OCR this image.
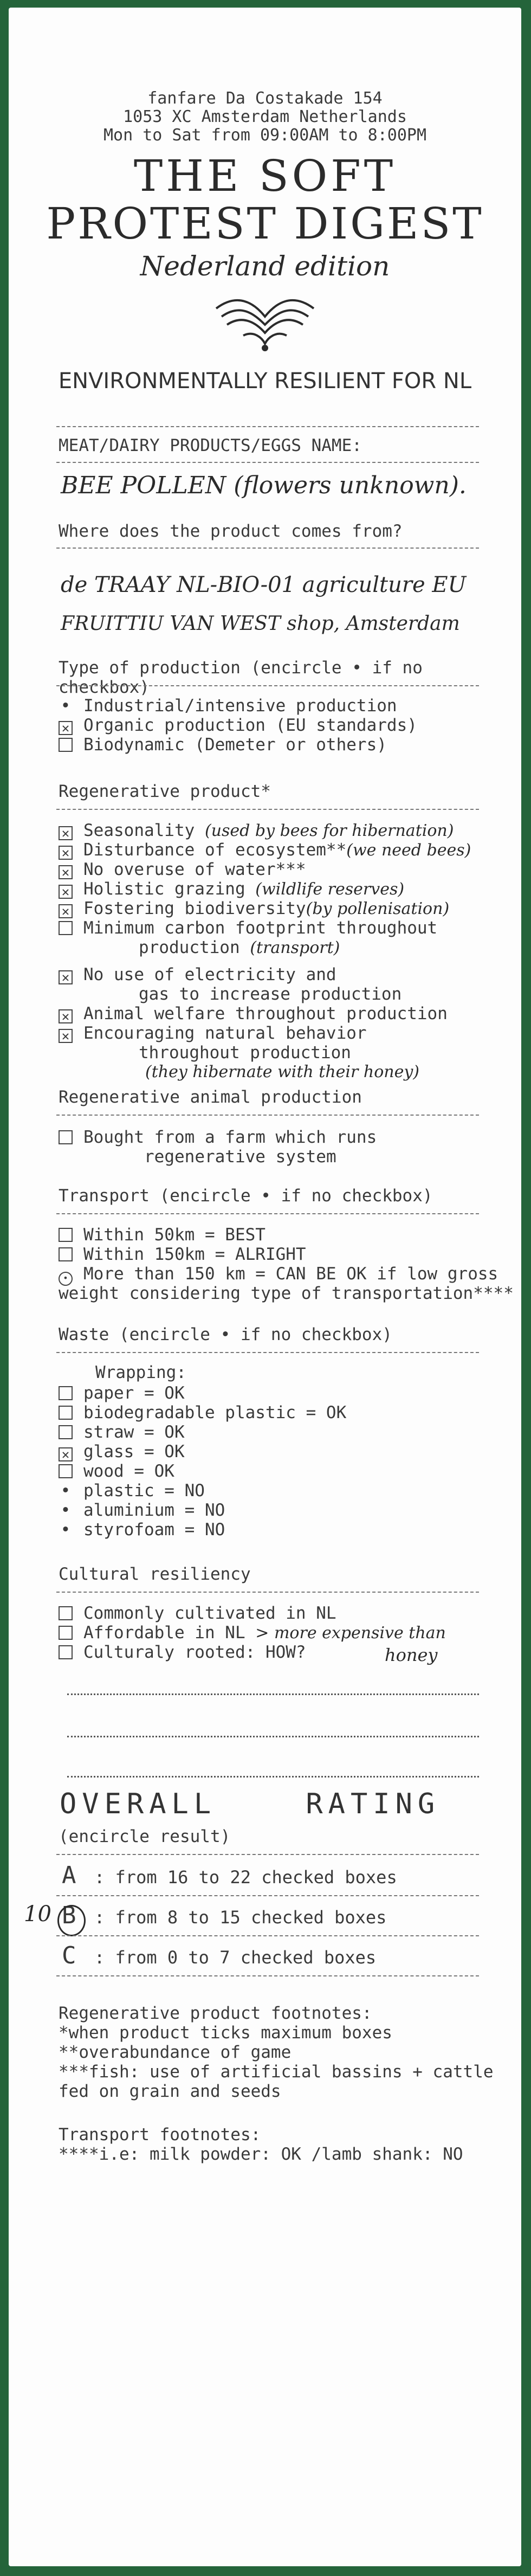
fanfare Da Costakade 154
1053 XC Amsterdam Netherlands
Mon to Sat from 09:00AM to 8:00PM
THE SOFT
PROTEST DIGEST
Nederland edition
ENVIRONMENTALLY RESILIENT FOR NL
MEAT/DAIRY PRODUCTS/EGGS NAME:
BEE POLLEN (flowers unknown).
Where does the product comes from?
de TRAAY NL-BIO-01 agriculture EU
FRUITTIU VAN WEST shop, Amsterdam
Type of production (encircle • if no checkbox)
• Industrial/intensive production
✕ Organic production (EU standards)
Biodynamic (Demeter or others)
Regenerative product*
✕ Seasonality (used by bees for hibernation)
✕ Disturbance of ecosystem**(we need bees)
✕ No overuse of water***
✕ Holistic grazing (wildlife reserves)
✕ Fostering biodiversity(by pollenisation)
Minimum carbon footprint throughout
production (transport)
✕ No use of electricity and
gas to increase production
✕ Animal welfare throughout production
✕ Encouraging natural behavior
throughout production
(they hibernate with their honey)
Regenerative animal production
Bought from a farm which runs
regenerative system
Transport (encircle • if no checkbox)
Within 50km = BEST
Within 150km = ALRIGHT
• More than 150 km = CAN BE OK if low gross
weight considering type of transportation****
Waste (encircle • if no checkbox)
Wrapping:
paper = OK
biodegradable plastic = OK
straw = OK
✕ glass = OK
wood = OK
• plastic = NO
• aluminium = NO
• styrofoam = NO
Cultural resiliency
Commonly cultivated in NL
Affordable in NL > more expensive than
Culturaly rooted: HOW?	honey
OVERALL    RATING
(encircle result)
A	: from 16 to 22 checked boxes
10 B	: from 8 to 15 checked boxes
C	: from 0 to 7 checked boxes
Regenerative product footnotes:
*when product ticks maximum boxes
**overabundance of game
***fish: use of artificial bassins + cattle
fed on grain and seeds
Transport footnotes:
****i.e: milk powder: OK /lamb shank: NO
